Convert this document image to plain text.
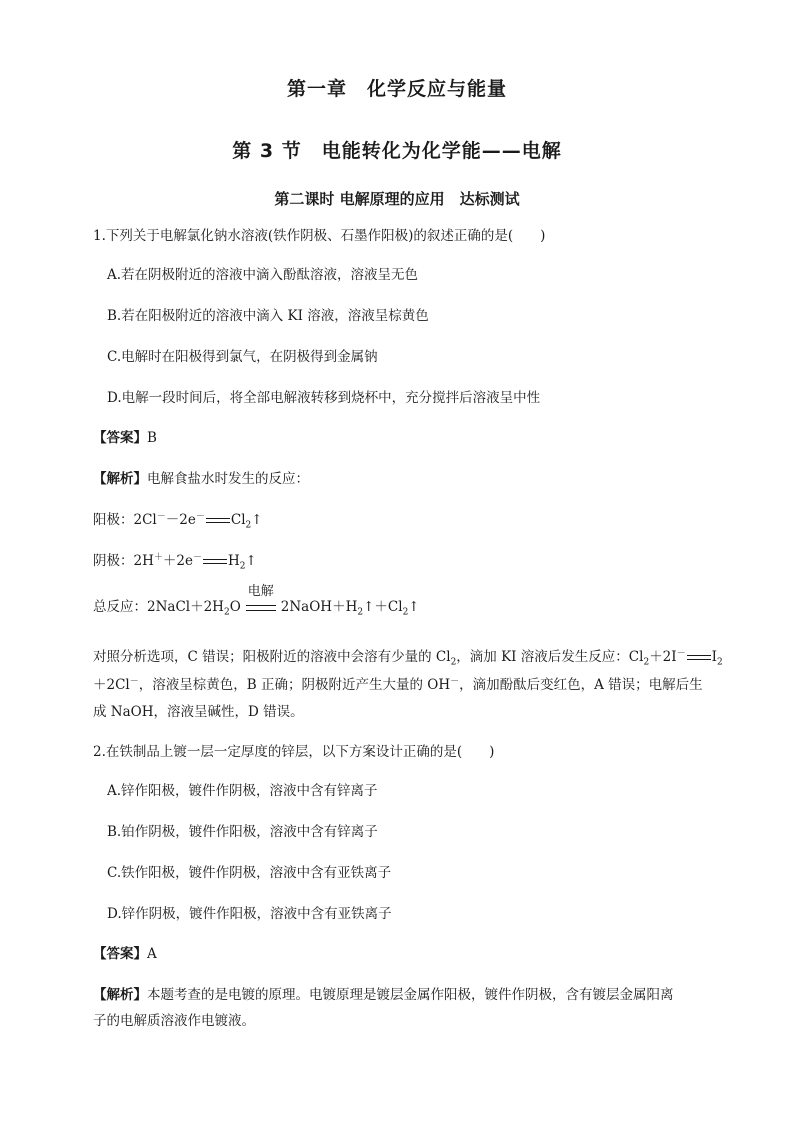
第一章　化学反应与能量
第 3 节　电能转化为化学能——电解
第二课时 电解原理的应用　达标测试
1.下列关于电解氯化钠水溶液(铁作阴极、石墨作阳极)的叙述正确的是(　　)
A.若在阴极附近的溶液中滴入酚酞溶液，溶液呈无色
B.若在阳极附近的溶液中滴入 KI 溶液，溶液呈棕黄色
C.电解时在阳极得到氯气，在阴极得到金属钠
D.电解一段时间后，将全部电解液转移到烧杯中，充分搅拌后溶液呈中性
【答案】B
【解析】电解食盐水时发生的反应：
阳极：2Cl－－2e－ $Cl_2↑$
阴极：2H＋＋2e－ $H_2↑$
总反应：$2NaCl+2H_2O$
电解
$2NaOH+H_2↑+Cl_2↑$
对照分析选项，C 错误；阳极附近的溶液中会溶有少量的 $Cl_2$，滴加 KI 溶液后发生反应：$Cl_2+2I^-$ $I_2$
＋2Cl－，溶液呈棕黄色，B 正确；阴极附近产生大量的 OH－，滴加酚酞后变红色，A 错误；电解后生
成 NaOH，溶液呈碱性，D 错误。
2.在铁制品上镀一层一定厚度的锌层，以下方案设计正确的是(　　)
A.锌作阳极，镀件作阴极，溶液中含有锌离子
B.铂作阴极，镀件作阳极，溶液中含有锌离子
C.铁作阳极，镀件作阴极，溶液中含有亚铁离子
D.锌作阴极，镀件作阳极，溶液中含有亚铁离子
【答案】A
【解析】本题考查的是电镀的原理。电镀原理是镀层金属作阳极，镀件作阴极，含有镀层金属阳离
子的电解质溶液作电镀液。
